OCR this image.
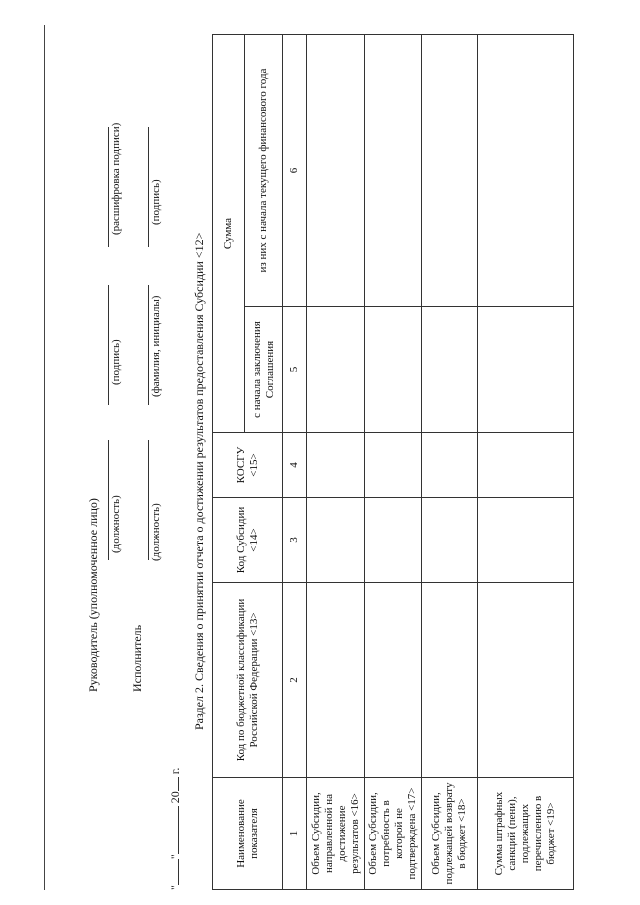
Руководитель (уполномоченное лицо) (должность)
(подпись)
(расшифровка подписи)
Исполнитель
(должность)
(фамилия, инициалы)
(подпись)
"" 20 г.
Раздел 2. Сведения о принятии отчета о достижении результатов предоставления Субсидии <12>
Наименование показателя	Код по бюджетной классификации Российской Федерации <13>	Код Субсидии <14>	КОСГУ <15>	Сумма	
				с начала заключения Соглашения	из них с начала текущего финансового года
1	2	3	4	5	6
Объем Субсидии, направленной на достижение результатов <16>					
Объем Субсидии, потребность в которой не подтверждена <17>					
Объем Субсидии, подлежащей возврату в бюджет <18>					
Сумма штрафных санкций (пени), подлежащих перечислению в бюджет <19>					
